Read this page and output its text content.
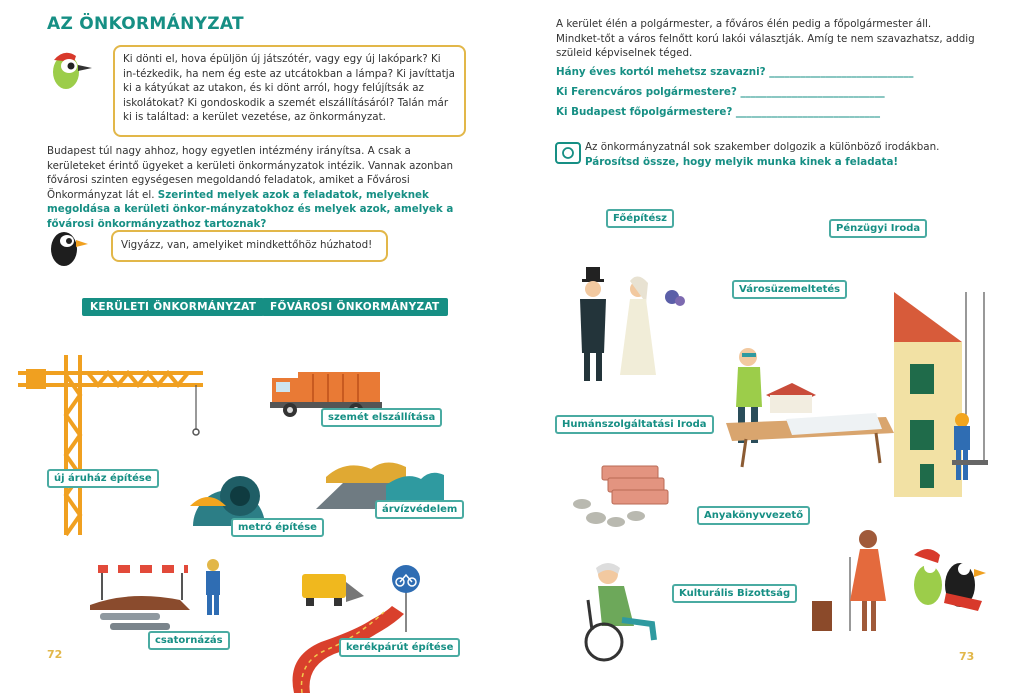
AZ ÖNKORMÁNYZAT
Ki dönti el, hova épüljön új játszótér, vagy egy új lakópark? Ki in-tézkedik, ha nem ég este az utcátokban a lámpa? Ki javíttatja ki a kátyúkat az utakon, és ki dönt arról, hogy felújítsák az iskolátokat? Ki gondoskodik a szemét elszállításáról? Talán már ki is találtad: a kerület vezetése, az önkormányzat.
Budapest túl nagy ahhoz, hogy egyetlen intézmény irányítsa. A csak a kerületeket érintő ügyeket a kerületi önkormányzatok intézik. Vannak azonban fővárosi szinten egységesen megoldandó feladatok, amiket a Fővárosi Önkormányzat lát el. Szerinted melyek azok a feladatok, melyeknek megoldása a kerületi önkor-mányzatokhoz és melyek azok, amelyek a fővárosi önkormányzathoz tartoznak?
Vigyázz, van, amelyiket mindkettőhöz húzhatod!
KERÜLETI ÖNKORMÁNYZAT	FŐVÁROSI ÖNKORMÁNYZAT
új áruház építése
szemét elszállítása
metró építése
árvízvédelem
csatornázás
kerékpárút építése
72
A kerület élén a polgármester, a főváros élén pedig a főpolgármester áll. Mindket-tőt a város felnőtt korú lakói választják. Amíg te nem szavazhatsz, addig szüleid képviselnek téged.
Hány éves kortól mehetsz szavazni? ____________________________
Ki Ferencváros polgármestere? ____________________________
Ki Budapest főpolgármestere? ____________________________
Az önkormányzatnál sok szakember dolgozik a különböző irodákban.
Párosítsd össze, hogy melyik munka kinek a feladata!
Főépítész
Pénzügyi Iroda
Városüzemeltetés
Humánszolgáltatási Iroda
Anyakönyvvezető
Kulturális Bizottság
73
